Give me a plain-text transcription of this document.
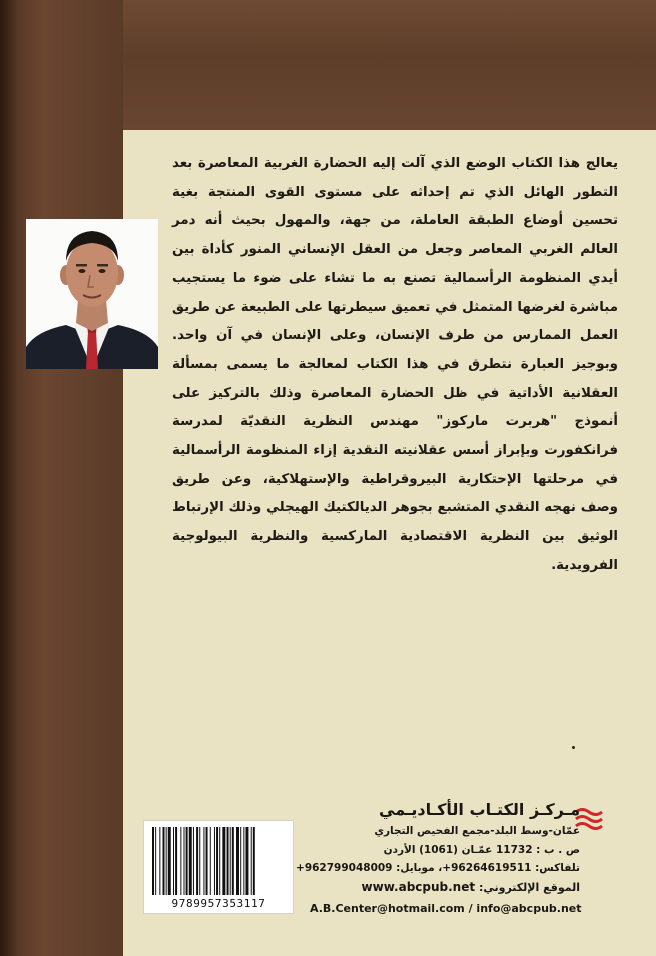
يعالج هذا الكتاب الوضع الذي آلت إليه الحضارة الغربية المعاصرة بعد التطور الهائل الذي تم إحداثه على مستوى القوى المنتجة بغية تحسين أوضاع الطبقة العاملة، من جهة، والمهول بحيث أنه دمر العالم الغربي المعاصر وجعل من العقل الإنساني المنور كأداة بين أيدي المنظومة الرأسمالية تصنع به ما تشاء على ضوء ما يستجيب مباشرة لغرضها المتمثل في تعميق سيطرتها على الطبيعة عن طريق العمل الممارس من طرف الإنسان، وعلى الإنسان في آن واحد. وبوجيز العبارة نتطرق في هذا الكتاب لمعالجة ما يسمى بمسألة العقلانية الأداتية في ظل الحضارة المعاصرة وذلك بالتركيز على أنموذج "هربرت ماركوز" مهندس النظرية النقديّة لمدرسة فرانكفورت وبإبراز أسس عقلانيته النقدية إزاء المنظومة الرأسمالية في مرحلتها الإحتكارية البيروقراطية والإستهلاكية، وعن طريق وصف نهجه النقدي المتشبع بجوهر الديالكتيك الهيجلي وذلك الإرتباط الوثيق بين النظرية الاقتصادية الماركسية والنظرية البيولوجية الفرويدية.
9789957353117
مـركـز الكتـاب الأكـاديـمي
عمّان-وسط البلد-مجمع الفحيص التجاري
ص . ب : 11732 عمّـان (1061) الأردن
تلفاكس: 96264619511+، موبايل: 962799048009+
الموقع الإلكتروني: www.abcpub.net
A.B.Center@hotmail.com / info@abcpub.net
